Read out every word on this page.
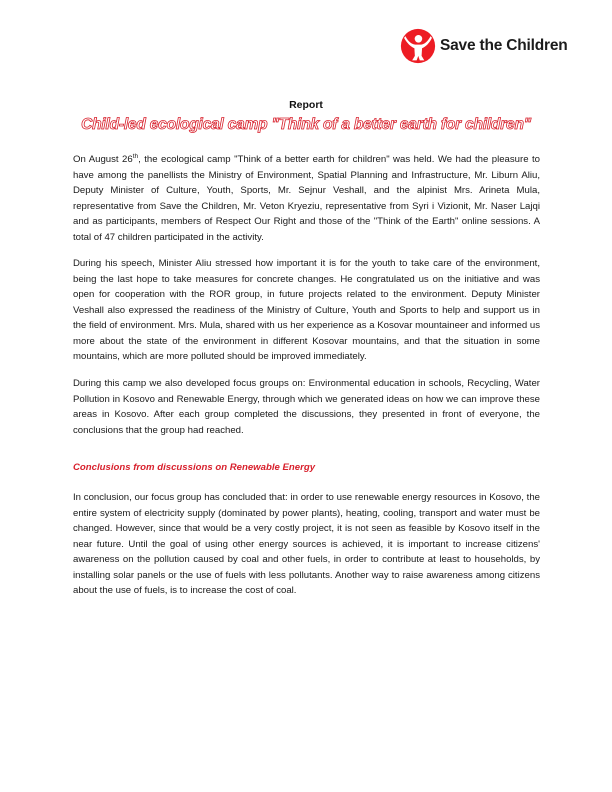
Save the Children
Report
Child-led ecological camp "Think of a better earth for children"

On August 26th, the ecological camp "Think of a better earth for children" was held. We had the pleasure to have among the panellists the Ministry of Environment, Spatial Planning and Infrastructure, Mr. Liburn Aliu, Deputy Minister of Culture, Youth, Sports, Mr. Sejnur Veshall, and the alpinist Mrs. Arineta Mula, representative from Save the Children, Mr. Veton Kryeziu, representative from Syri i Vizionit, Mr. Naser Lajqi and as participants, members of Respect Our Right and those of the "Think of the Earth" online sessions. A total of 47 children participated in the activity.

During his speech, Minister Aliu stressed how important it is for the youth to take care of the environment, being the last hope to take measures for concrete changes. He congratulated us on the initiative and was open for cooperation with the ROR group, in future projects related to the environment. Deputy Minister Veshall also expressed the readiness of the Ministry of Culture, Youth and Sports to help and support us in the field of environment. Mrs. Mula, shared with us her experience as a Kosovar mountaineer and informed us more about the state of the environment in different Kosovar mountains, and that the situation in some mountains, which are more polluted should be improved immediately.

During this camp we also developed focus groups on: Environmental education in schools, Recycling, Water Pollution in Kosovo and Renewable Energy, through which we generated ideas on how we can improve these areas in Kosovo. After each group completed the discussions, they presented in front of everyone, the conclusions that the group had reached.

Conclusions from discussions on Renewable Energy

In conclusion, our focus group has concluded that: in order to use renewable energy resources in Kosovo, the entire system of electricity supply (dominated by power plants), heating, cooling, transport and water must be changed. However, since that would be a very costly project, it is not seen as feasible by Kosovo itself in the near future. Until the goal of using other energy sources is achieved, it is important to increase citizens' awareness on the pollution caused by coal and other fuels, in order to contribute at least to households, by installing solar panels or the use of fuels with less pollutants. Another way to raise awareness among citizens about the use of fuels, is to increase the cost of coal.
